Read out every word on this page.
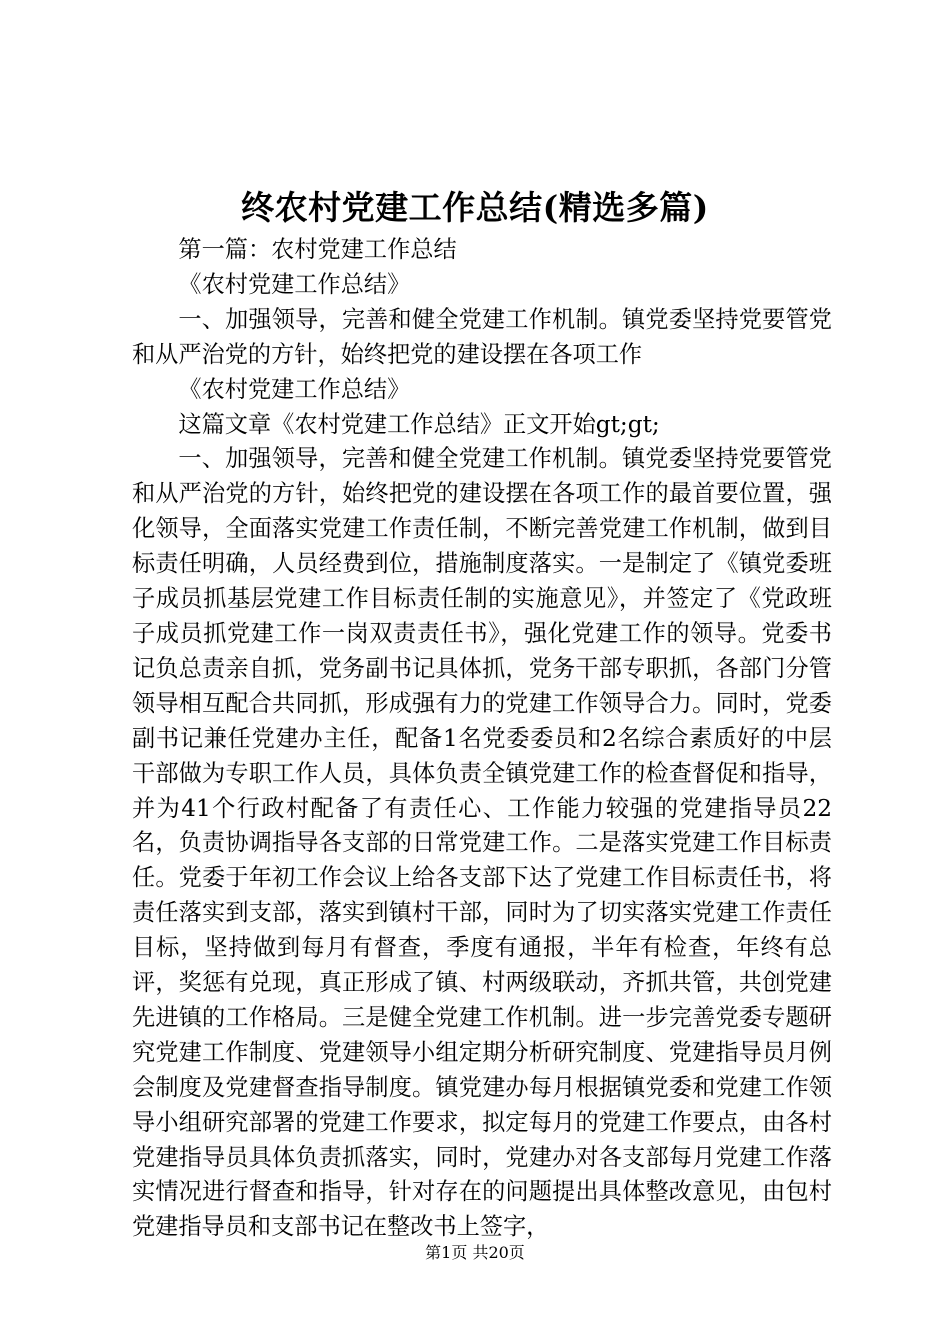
终农村党建工作总结(精选多篇)

第一篇：农村党建工作总结

《农村党建工作总结》

一、加强领导，完善和健全党建工作机制。镇党委坚持党要管党和从严治党的方针，始终把党的建设摆在各项工作

《农村党建工作总结》

这篇文章《农村党建工作总结》正文开始gt;gt;

一、加强领导，完善和健全党建工作机制。镇党委坚持党要管党和从严治党的方针，始终把党的建设摆在各项工作的最首要位置，强化领导，全面落实党建工作责任制，不断完善党建工作机制，做到目标责任明确，人员经费到位，措施制度落实。一是制定了《镇党委班子成员抓基层党建工作目标责任制的实施意见》，并签定了《党政班子成员抓党建工作一岗双责责任书》，强化党建工作的领导。党委书记负总责亲自抓，党务副书记具体抓，党务干部专职抓，各部门分管领导相互配合共同抓，形成强有力的党建工作领导合力。同时，党委副书记兼任党建办主任，配备1名党委委员和2名综合素质好的中层干部做为专职工作人员，具体负责全镇党建工作的检查督促和指导，并为41个行政村配备了有责任心、工作能力较强的党建指导员22名，负责协调指导各支部的日常党建工作。二是落实党建工作目标责任。党委于年初工作会议上给各支部下达了党建工作目标责任书，将责任落实到支部，落实到镇村干部，同时为了切实落实党建工作责任目标，坚持做到每月有督查，季度有通报，半年有检查，年终有总评，奖惩有兑现，真正形成了镇、村两级联动，齐抓共管，共创党建先进镇的工作格局。三是健全党建工作机制。进一步完善党委专题研究党建工作制度、党建领导小组定期分析研究制度、党建指导员月例会制度及党建督查指导制度。镇党建办每月根据镇党委和党建工作领导小组研究部署的党建工作要求，拟定每月的党建工作要点，由各村党建指导员具体负责抓落实，同时，党建办对各支部每月党建工作落实情况进行督查和指导，针对存在的问题提出具体整改意见，由包村党建指导员和支部书记在整改书上签字，

第1页 共20页
